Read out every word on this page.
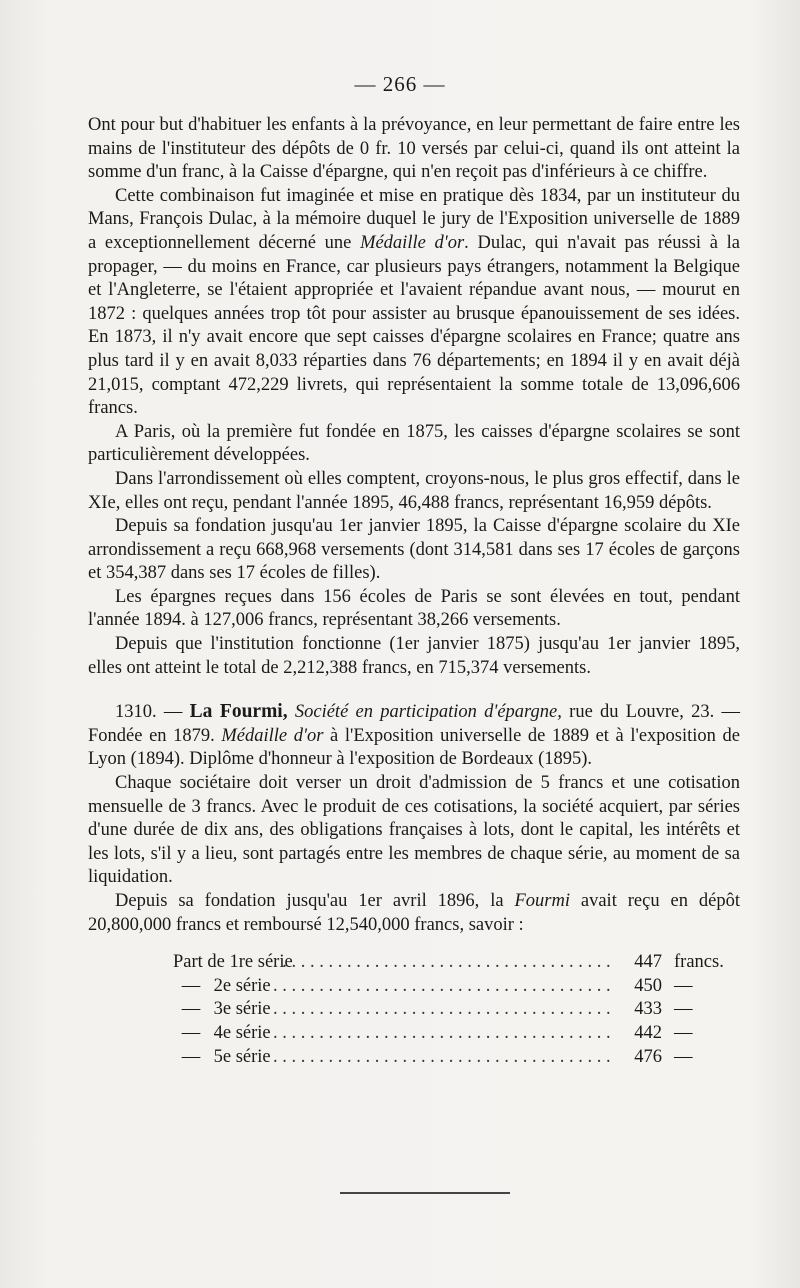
— 266 —

Ont pour but d'habituer les enfants à la prévoyance, en leur permettant de faire entre les mains de l'instituteur des dépôts de 0 fr. 10 versés par celui-ci, quand ils ont atteint la somme d'un franc, à la Caisse d'épargne, qui n'en reçoit pas d'inférieurs à ce chiffre.

Cette combinaison fut imaginée et mise en pratique dès 1834, par un instituteur du Mans, François Dulac, à la mémoire duquel le jury de l'Exposition universelle de 1889 a exceptionnellement décerné une Médaille d'or. Dulac, qui n'avait pas réussi à la propager, — du moins en France, car plusieurs pays étrangers, notamment la Belgique et l'Angleterre, se l'étaient appropriée et l'avaient répandue avant nous, — mourut en 1872 : quelques années trop tôt pour assister au brusque épanouissement de ses idées. En 1873, il n'y avait encore que sept caisses d'épargne scolaires en France; quatre ans plus tard il y en avait 8,033 réparties dans 76 départements; en 1894 il y en avait déjà 21,015, comptant 472,229 livrets, qui représentaient la somme totale de 13,096,606 francs.

A Paris, où la première fut fondée en 1875, les caisses d'épargne scolaires se sont particulièrement développées.

Dans l'arrondissement où elles comptent, croyons-nous, le plus gros effectif, dans le XIe, elles ont reçu, pendant l'année 1895, 46,488 francs, représentant 16,959 dépôts.

Depuis sa fondation jusqu'au 1er janvier 1895, la Caisse d'épargne scolaire du XIe arrondissement a reçu 668,968 versements (dont 314,581 dans ses 17 écoles de garçons et 354,387 dans ses 17 écoles de filles).

Les épargnes reçues dans 156 écoles de Paris se sont élevées en tout, pendant l'année 1894. à 127,006 francs, représentant 38,266 versements.

Depuis que l'institution fonctionne (1er janvier 1875) jusqu'au 1er janvier 1895, elles ont atteint le total de 2,212,388 francs, en 715,374 versements.

1310. — La Fourmi, Société en participation d'épargne, rue du Louvre, 23. — Fondée en 1879. Médaille d'or à l'Exposition universelle de 1889 et à l'exposition de Lyon (1894). Diplôme d'honneur à l'exposition de Bordeaux (1895).

Chaque sociétaire doit verser un droit d'admission de 5 francs et une cotisation mensuelle de 3 francs. Avec le produit de ces cotisations, la société acquiert, par séries d'une durée de dix ans, des obligations françaises à lots, dont le capital, les intérêts et les lots, s'il y a lieu, sont partagés entre les membres de chaque série, au moment de sa liquidation.

Depuis sa fondation jusqu'au 1er avril 1896, la Fourmi avait reçu en dépôt 20,800,000 francs et remboursé 12,540,000 francs, savoir :

Part de 1re série . . .	447 francs.
— 2e série . . .	450 —
— 3e série . . .	433 —
— 4e série . . .	442 —
— 5e série . . .	476 —
